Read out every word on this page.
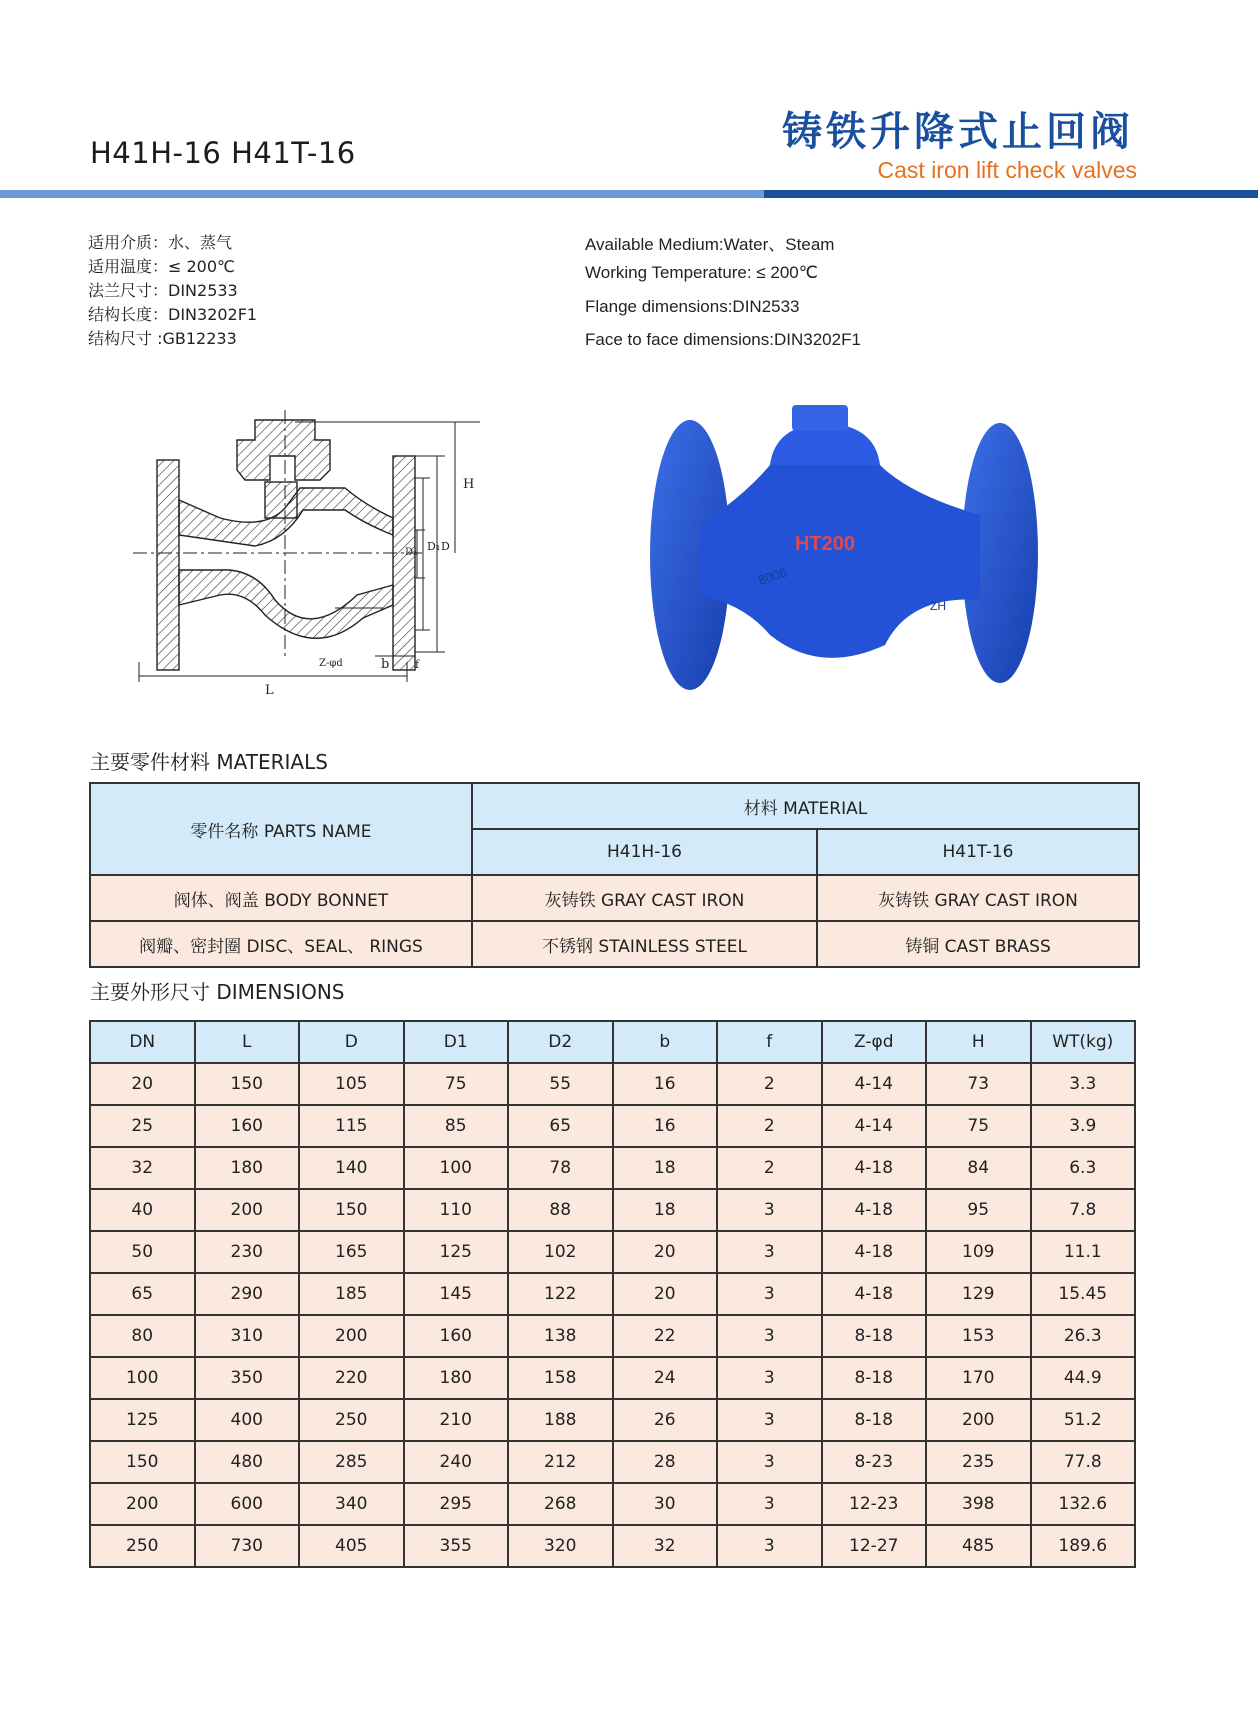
H41H-16 H41T-16	铸铁升降式止回阀
Cast iron lift check valves
适用介质：水、蒸气
适用温度：≤ 200℃
法兰尺寸：DIN2533
结构长度：DIN3202F1
结构尺寸 :GB12233
Available Medium:Water、Steam
Working Temperature: ≤ 200℃
Flange dimensions:DIN2533
Face to face dimensions:DIN3202F1
L
H
D
D₁
D₂
Z-φd	b f
HT200
8006
ZH
主要零件材料 MATERIALS
零件名称 PARTS NAME	材料 MATERIAL	
	H41H-16	H41T-16
阀体、阀盖 BODY BONNET	灰铸铁 GRAY CAST IRON	灰铸铁 GRAY CAST IRON
阀瓣、密封圈 DISC、SEAL、 RINGS	不锈钢 STAINLESS STEEL	铸铜 CAST BRASS
主要外形尺寸 DIMENSIONS
DN	L	D	D1	D2	b	f	Z-φd	H	WT(kg)
20	150	105	75	55	16	2	4-14	73	3.3
25	160	115	85	65	16	2	4-14	75	3.9
32	180	140	100	78	18	2	4-18	84	6.3
40	200	150	110	88	18	3	4-18	95	7.8
50	230	165	125	102	20	3	4-18	109	11.1
65	290	185	145	122	20	3	4-18	129	15.45
80	310	200	160	138	22	3	8-18	153	26.3
100	350	220	180	158	24	3	8-18	170	44.9
125	400	250	210	188	26	3	8-18	200	51.2
150	480	285	240	212	28	3	8-23	235	77.8
200	600	340	295	268	30	3	12-23	398	132.6
250	730	405	355	320	32	3	12-27	485	189.6
